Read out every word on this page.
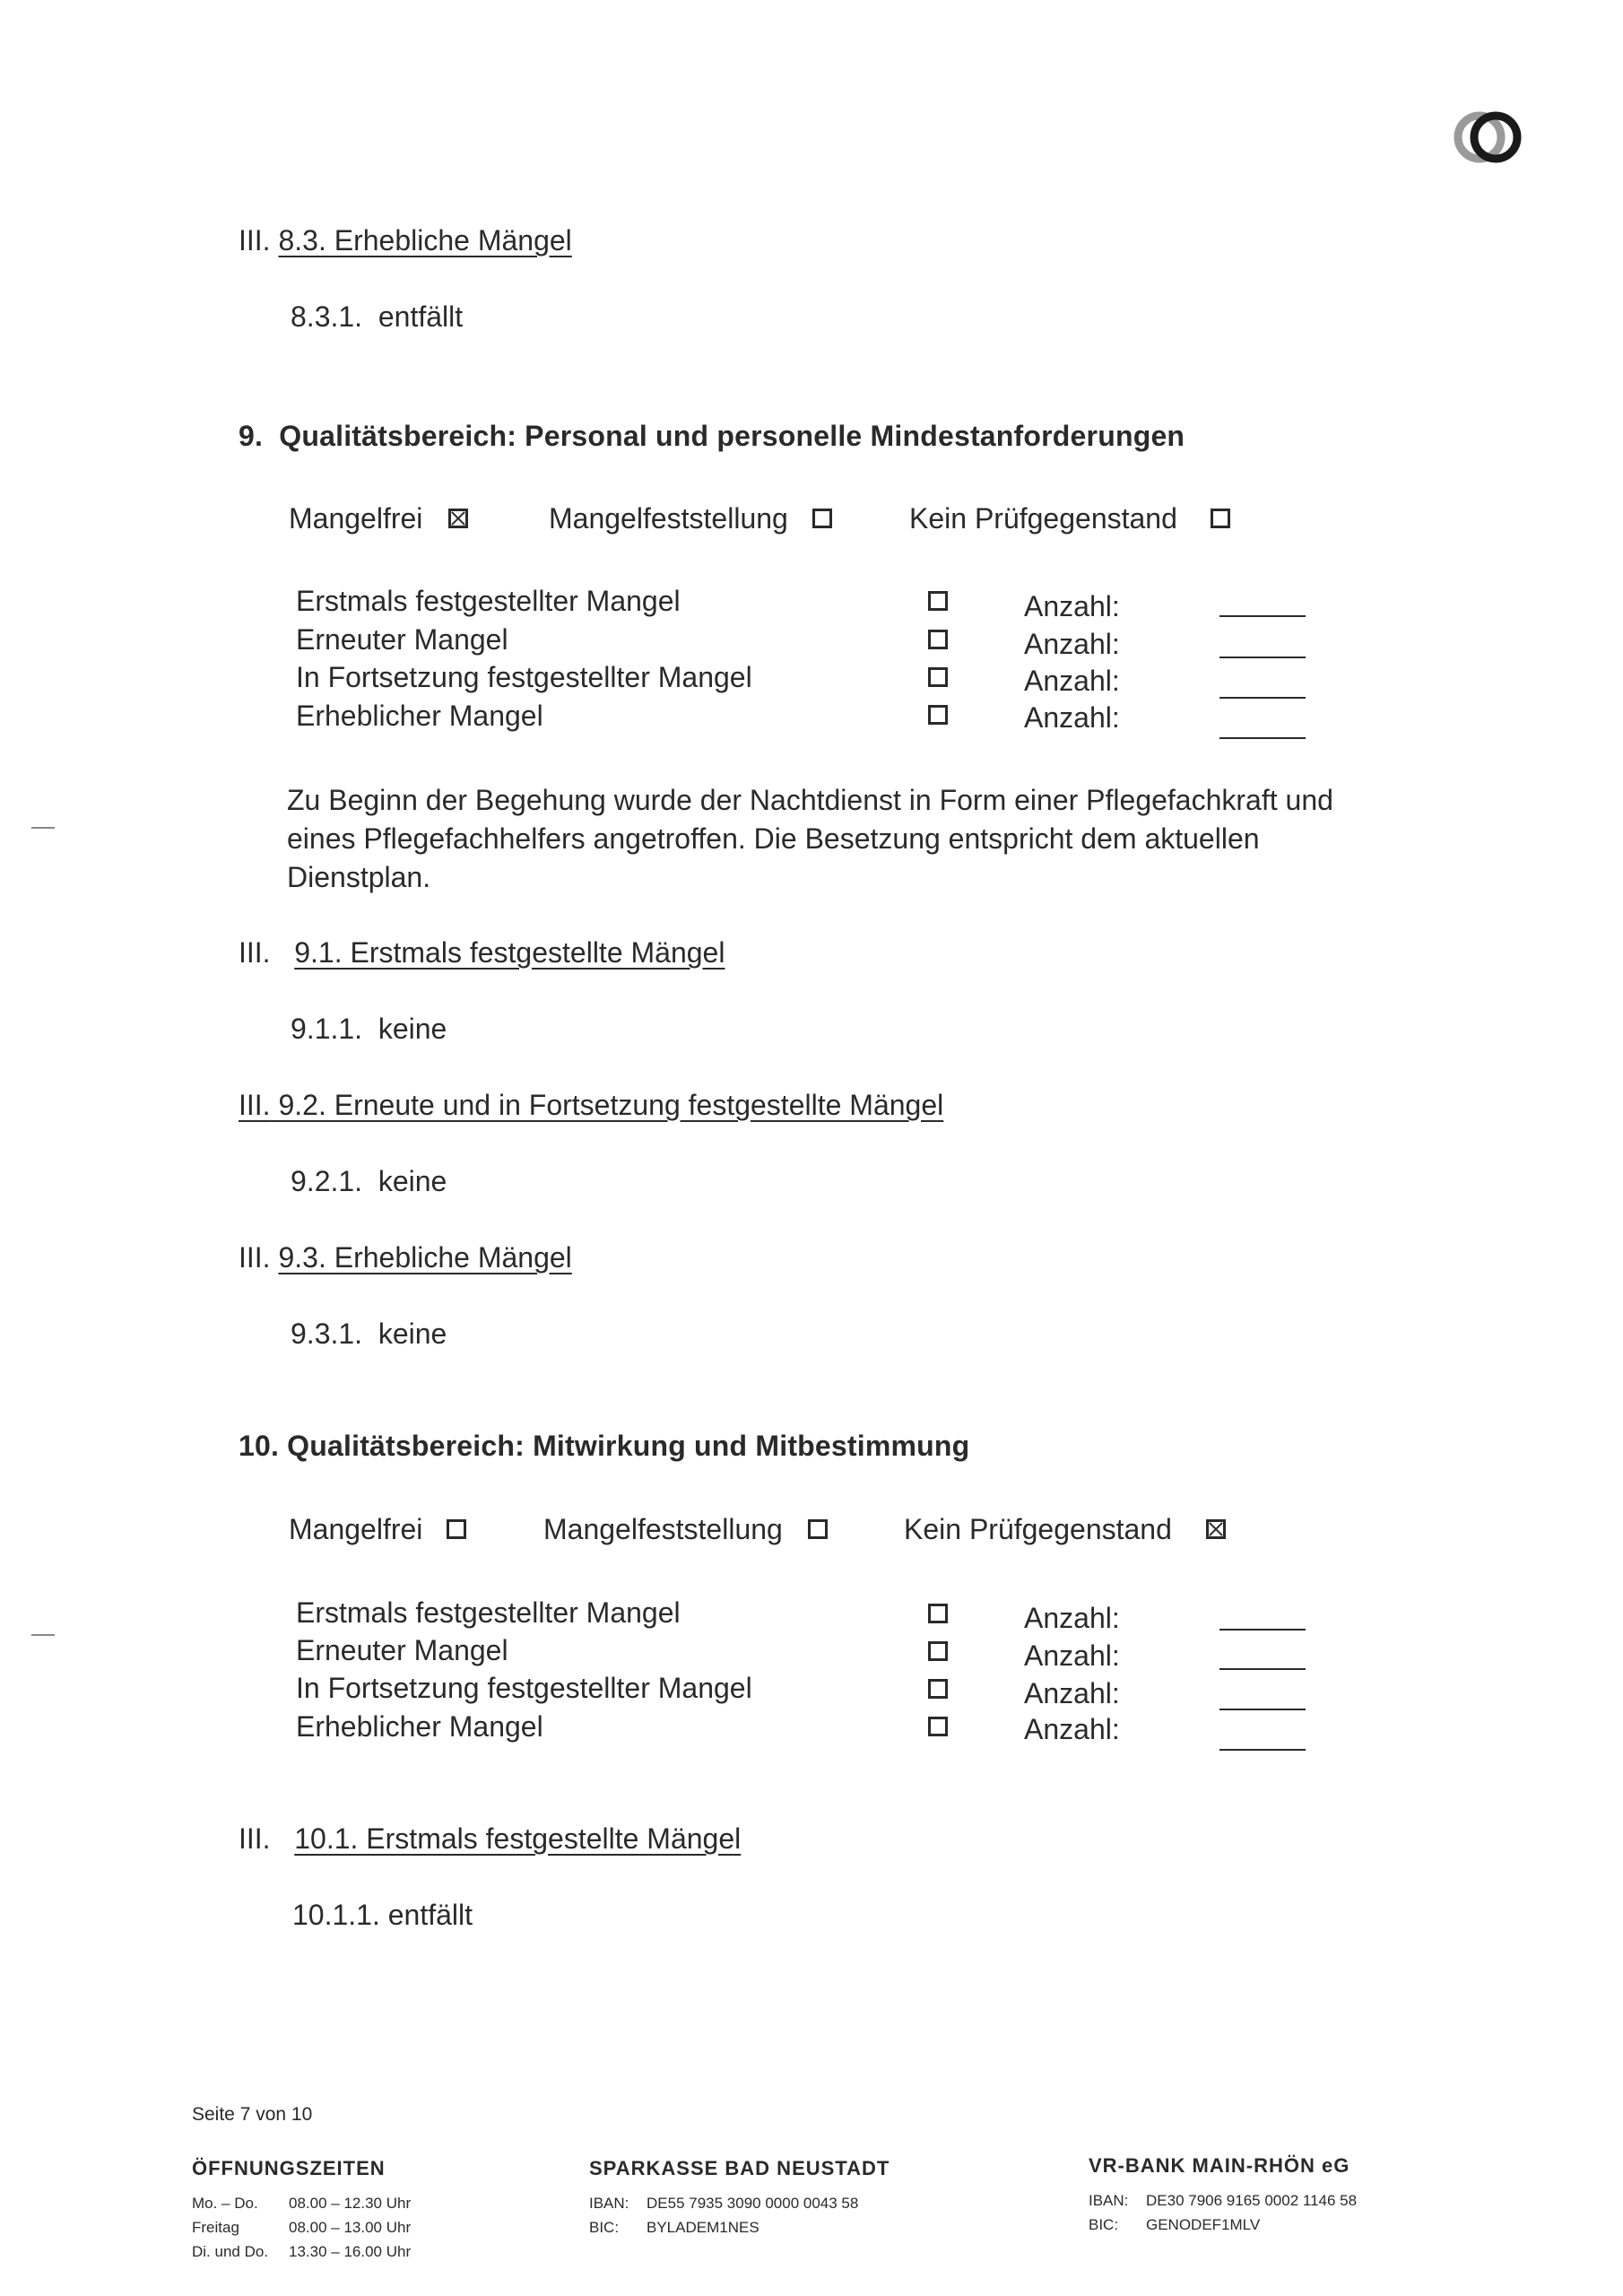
III. 8.3. Erhebliche Mängel
8.3.1.  entfällt
9.  Qualitätsbereich: Personal und personelle Mindestanforderungen
Mangelfrei	Mangelfeststellung	Kein Prüfgegenstand
Erstmals festgestellter Mangel	Anzahl:
Erneuter Mangel	Anzahl:
In Fortsetzung festgestellter Mangel	Anzahl:
Erheblicher Mangel	Anzahl:
Zu Beginn der Begehung wurde der Nachtdienst in Form einer Pflegefachkraft und
eines Pflegefachhelfers angetroffen. Die Besetzung entspricht dem aktuellen
Dienstplan.
III. 9.1. Erstmals festgestellte Mängel
9.1.1.  keine
III. 9.2. Erneute und in Fortsetzung festgestellte Mängel
9.2.1.  keine
III. 9.3. Erhebliche Mängel
9.3.1.  keine
10. Qualitätsbereich: Mitwirkung und Mitbestimmung
Mangelfrei	Mangelfeststellung	Kein Prüfgegenstand
Erstmals festgestellter Mangel	Anzahl:
Erneuter Mangel	Anzahl:
In Fortsetzung festgestellter Mangel	Anzahl:
Erheblicher Mangel	Anzahl:
III. 10.1. Erstmals festgestellte Mängel
10.1.1. entfällt
Seite 7 von 10
ÖFFNUNGSZEITEN
Mo. – Do. 08.00 – 12.30 Uhr
Freitag	08.00 – 13.00 Uhr
Di. und Do. 13.30 – 16.00 Uhr
SPARKASSE BAD NEUSTADT
IBAN: DE55 7935 3090 0000 0043 58
BIC: BYLADEM1NES
VR-BANK MAIN-RHÖN eG
IBAN: DE30 7906 9165 0002 1146 58
BIC: GENODEF1MLV
